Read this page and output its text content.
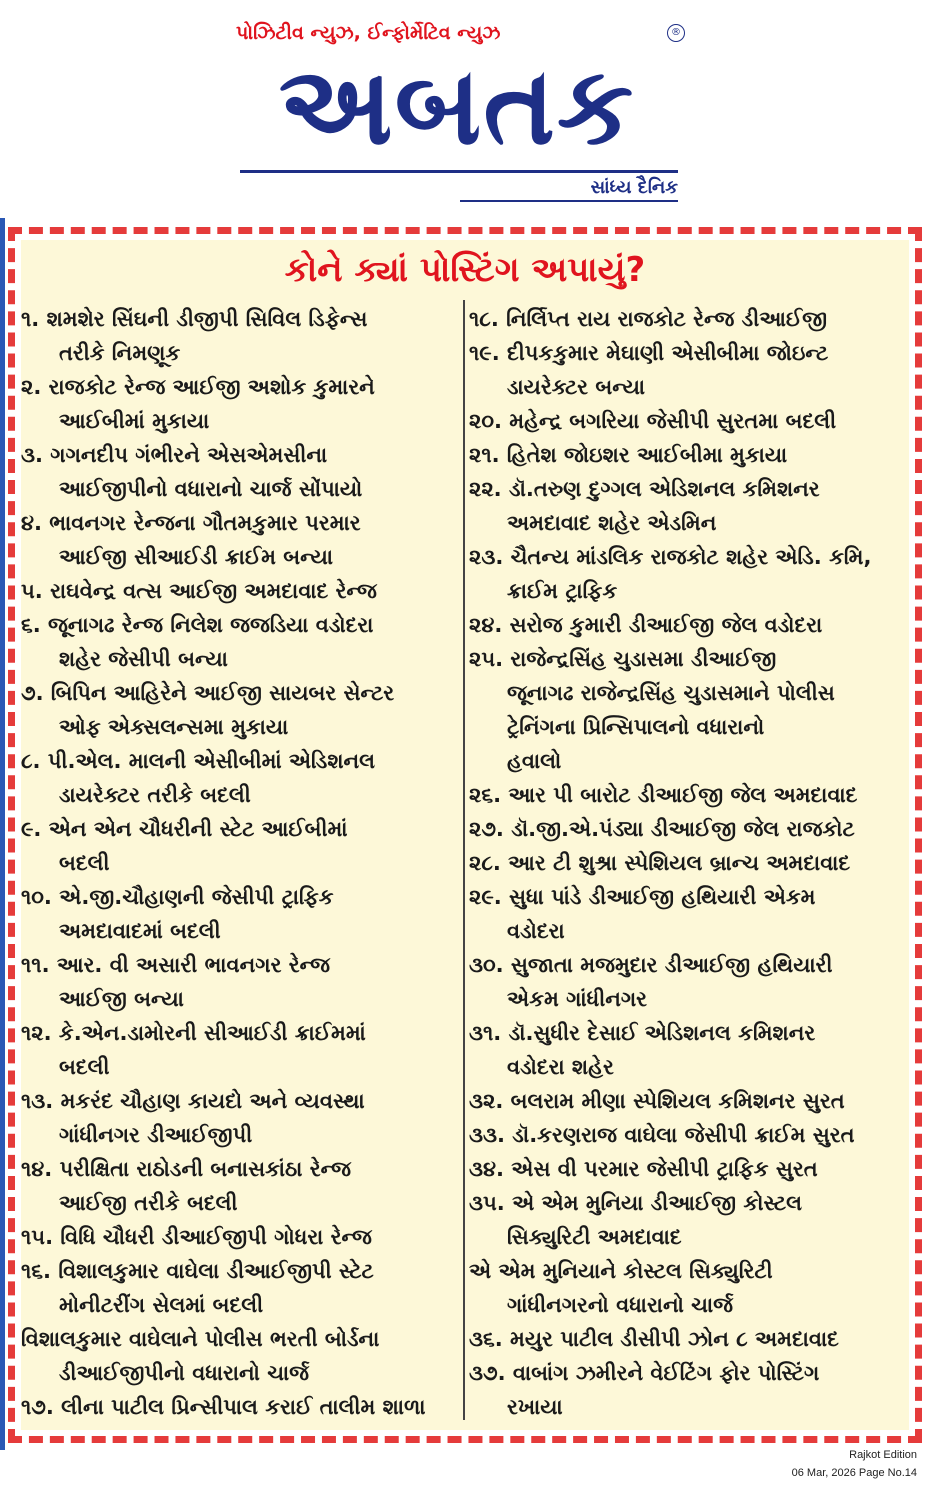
પોઝિટીવ ન્યુઝ, ઈન્ફોર્મેટિવ ન્યુઝ
અબતક
®
સાંધ્ય દૈનિક
કોને ક્યાં પોસ્ટિંગ અપાયું?
૧. શમશેર સિંઘની ડીજીપી સિવિલ ડિફેન્સ
તરીકે નિમણૂક
૨. રાજકોટ રેન્જ આઈજી અશોક કુમારને
આઈબીમાં મુકાયા
૩. ગગનદીપ ગંભીરને એસએમસીના
આઈજીપીનો વધારાનો ચાર્જ સોંપાયો
૪. ભાવનગર રેન્જના ગૌતમકુમાર પરમાર
આઈજી સીઆઈડી ક્રાઈમ બન્યા
૫. રાઘવેન્દ્ર વત્સ આઈજી અમદાવાદ રેન્જ
૬. જૂનાગઢ રેન્જ નિલેશ જજડિયા વડોદરા
શહેર જેસીપી બન્યા
૭. બિપિન આહિરેને આઈજી સાયબર સેન્ટર
ઓફ એક્સલન્સમા મુકાયા
૮. પી.એલ. માલની એસીબીમાં એડિશનલ
ડાયરેક્ટર તરીકે બદલી
૯. એન એન ચૌધરીની સ્ટેટ આઈબીમાં
બદલી
૧૦. એ.જી.ચૌહાણની જેસીપી ટ્રાફિક
અમદાવાદમાં બદલી
૧૧. આર. વી અસારી ભાવનગર રેન્જ
આઈજી બન્યા
૧૨. કે.એન.ડામોરની સીઆઈડી ક્રાઈમમાં
બદલી
૧૩. મકરંદ ચૌહાણ કાયદો અને વ્યવસ્થા
ગાંધીનગર ડીઆઈજીપી
૧૪. પરીક્ષિતા રાઠોડની બનાસકાંઠા રેન્જ
આઈજી તરીકે બદલી
૧૫. વિધિ ચૌધરી ડીઆઈજીપી ગોધરા રેન્જ
૧૬. વિશાલકુમાર વાઘેલા ડીઆઈજીપી સ્ટેટ
મોનીટરીંગ સેલમાં બદલી
વિશાલકુમાર વાઘેલાને પોલીસ ભરતી બોર્ડના
ડીઆઈજીપીનો વધારાનો ચાર્જ
૧૭. લીના પાટીલ પ્રિન્સીપાલ કરાઈ તાલીમ શાળા
૧૮. નિર્લિપ્ત રાય રાજકોટ રેન્જ ડીઆઈજી
૧૯. દીપકકુમાર મેઘાણી એસીબીમા જોઇન્ટ
ડાયરેક્ટર બન્યા
૨૦. મહેન્દ્ર બગરિયા જેસીપી સુરતમા બદલી
૨૧. હિતેશ જોઇશર આઈબીમા મુકાયા
૨૨. ડૉ.તરુણ દુગ્ગલ એડિશનલ કમિશનર
અમદાવાદ શહેર એડમિન
૨૩. ચૈતન્ય માંડલિક રાજકોટ શહેર એડિ. કમિ,
ક્રાઈમ ટ્રાફિક
૨૪. સરોજ કુમારી ડીઆઈજી જેલ વડોદરા
૨૫. રાજેન્દ્રસિંહ ચુડાસમા ડીઆઈજી
જૂનાગઢ રાજેન્દ્રસિંહ ચુડાસમાને પોલીસ
ટ્રેનિંગના પ્રિન્સિપાલનો વધારાનો
હવાલો
૨૬. આર પી બારોટ ડીઆઈજી જેલ અમદાવાદ
૨૭. ડૉ.જી.એ.પંડ્યા ડીઆઈજી જેલ રાજકોટ
૨૮. આર ટી શુશ્રા સ્પેશિયલ બ્રાન્ચ અમદાવાદ
૨૯. સુધા પાંડે ડીઆઈજી હથિયારી એકમ
વડોદરા
૩૦. સુજાતા મજમુદાર ડીઆઈજી હથિયારી
એકમ ગાંધીનગર
૩૧. ડૉ.સુધીર દેસાઈ એડિશનલ કમિશનર
વડોદરા શહેર
૩૨. બલરામ મીણા સ્પેશિયલ કમિશનર સુરત
૩૩. ડૉ.કરણરાજ વાઘેલા જેસીપી ક્રાઈમ સુરત
૩૪. એસ વી પરમાર જેસીપી ટ્રાફિક સુરત
૩૫. એ એમ મુનિયા ડીઆઈજી કોસ્ટલ
સિક્યુરિટી અમદાવાદ
એ એમ મુનિયાને કોસ્ટલ સિક્યુરિટી
ગાંધીનગરનો વધારાનો ચાર્જ
૩૬. મયુર પાટીલ ડીસીપી ઝોન ૮ અમદાવાદ
૩૭. વાબાંગ ઝમીરને વેઈટિંગ ફોર પોસ્ટિંગ
રખાયા
Rajkot Edition
06 Mar, 2026 Page No.14
